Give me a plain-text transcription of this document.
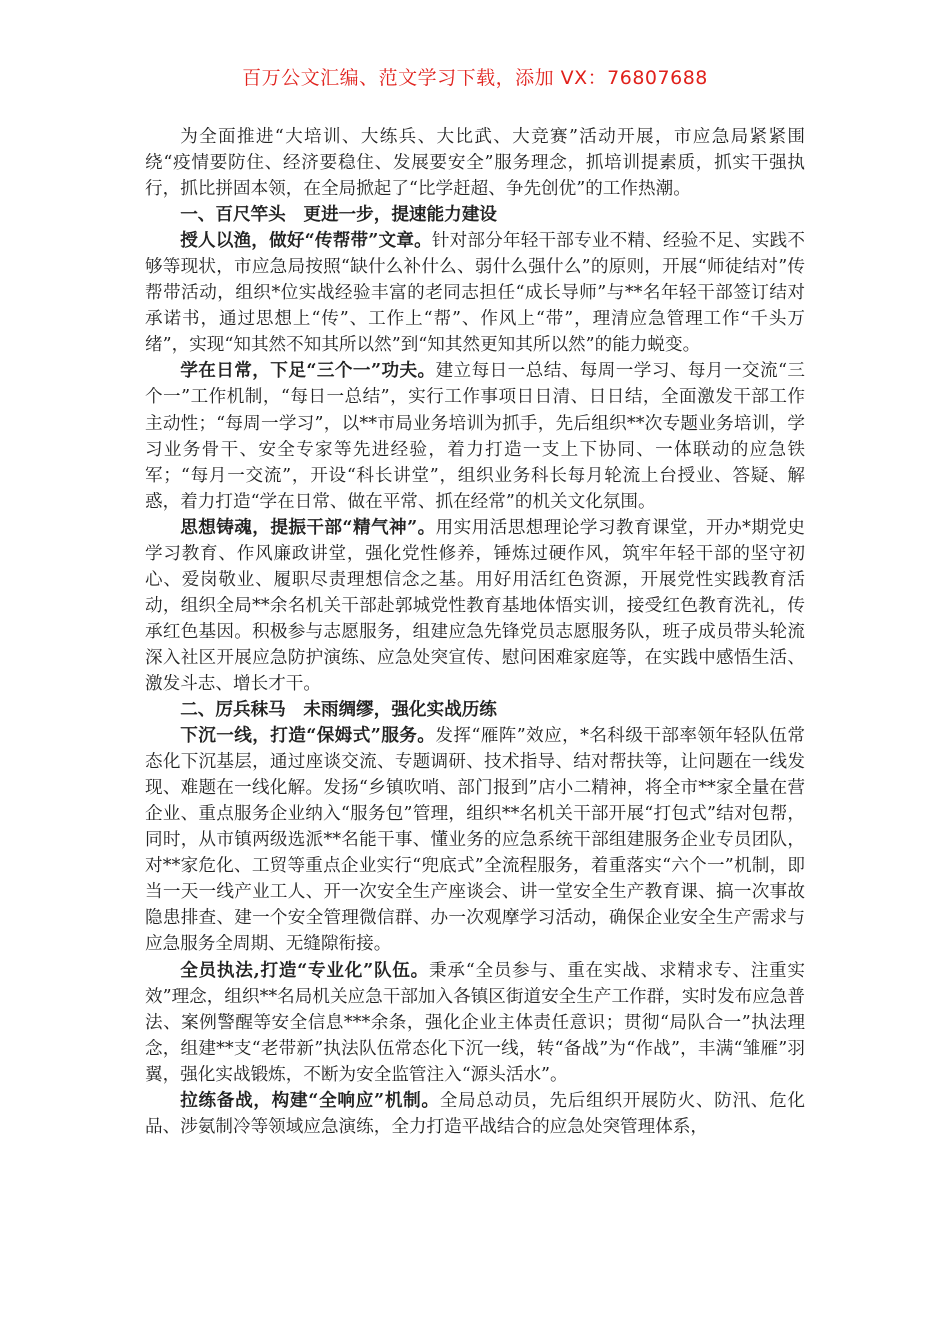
百万公文汇编、范文学习下载，添加 VX：76807688

为全面推进“大培训、大练兵、大比武、大竞赛”活动开展，市应急局紧紧围绕“疫情要防住、经济要稳住、发展要安全”服务理念，抓培训提素质，抓实干强执行，抓比拼固本领，在全局掀起了“比学赶超、争先创优”的工作热潮。

一、百尺竿头　更进一步，提速能力建设

授人以渔，做好“传帮带”文章。针对部分年轻干部专业不精、经验不足、实践不够等现状，市应急局按照“缺什么补什么、弱什么强什么”的原则，开展“师徒结对”传帮带活动，组织*位实战经验丰富的老同志担任“成长导师”与**名年轻干部签订结对承诺书，通过思想上“传”、工作上“帮”、作风上“带”，理清应急管理工作“千头万绪”，实现“知其然不知其所以然”到“知其然更知其所以然”的能力蜕变。

学在日常，下足“三个一”功夫。建立每日一总结、每周一学习、每月一交流“三个一”工作机制，“每日一总结”，实行工作事项日日清、日日结，全面激发干部工作主动性；“每周一学习”，以**市局业务培训为抓手，先后组织**次专题业务培训，学习业务骨干、安全专家等先进经验，着力打造一支上下协同、一体联动的应急铁军；“每月一交流”，开设“科长讲堂”，组织业务科长每月轮流上台授业、答疑、解惑，着力打造“学在日常、做在平常、抓在经常”的机关文化氛围。

思想铸魂，提振干部“精气神”。用实用活思想理论学习教育课堂，开办*期党史学习教育、作风廉政讲堂，强化党性修养，锤炼过硬作风，筑牢年轻干部的坚守初心、爱岗敬业、履职尽责理想信念之基。用好用活红色资源，开展党性实践教育活动，组织全局**余名机关干部赴郭城党性教育基地体悟实训，接受红色教育洗礼，传承红色基因。积极参与志愿服务，组建应急先锋党员志愿服务队，班子成员带头轮流深入社区开展应急防护演练、应急处突宣传、慰问困难家庭等，在实践中感悟生活、激发斗志、增长才干。

二、厉兵秣马　未雨绸缪，强化实战历练

下沉一线，打造“保姆式”服务。发挥“雁阵”效应，*名科级干部率领年轻队伍常态化下沉基层，通过座谈交流、专题调研、技术指导、结对帮扶等，让问题在一线发现、难题在一线化解。发扬“乡镇吹哨、部门报到”店小二精神，将全市**家全量在营企业、重点服务企业纳入“服务包”管理，组织**名机关干部开展“打包式”结对包帮，同时，从市镇两级选派**名能干事、懂业务的应急系统干部组建服务企业专员团队，对**家危化、工贸等重点企业实行“兜底式”全流程服务，着重落实“六个一”机制，即当一天一线产业工人、开一次安全生产座谈会、讲一堂安全生产教育课、搞一次事故隐患排查、建一个安全管理微信群、办一次观摩学习活动，确保企业安全生产需求与应急服务全周期、无缝隙衔接。

全员执法,打造“专业化”队伍。秉承“全员参与、重在实战、求精求专、注重实效”理念，组织**名局机关应急干部加入各镇区街道安全生产工作群，实时发布应急普法、案例警醒等安全信息***余条，强化企业主体责任意识；贯彻“局队合一”执法理念，组建**支“老带新”执法队伍常态化下沉一线，转“备战”为“作战”，丰满“雏雁”羽翼，强化实战锻炼，不断为安全监管注入“源头活水”。

拉练备战，构建“全响应”机制。全局总动员，先后组织开展防火、防汛、危化品、涉氨制冷等领域应急演练，全力打造平战结合的应急处突管理体系，
